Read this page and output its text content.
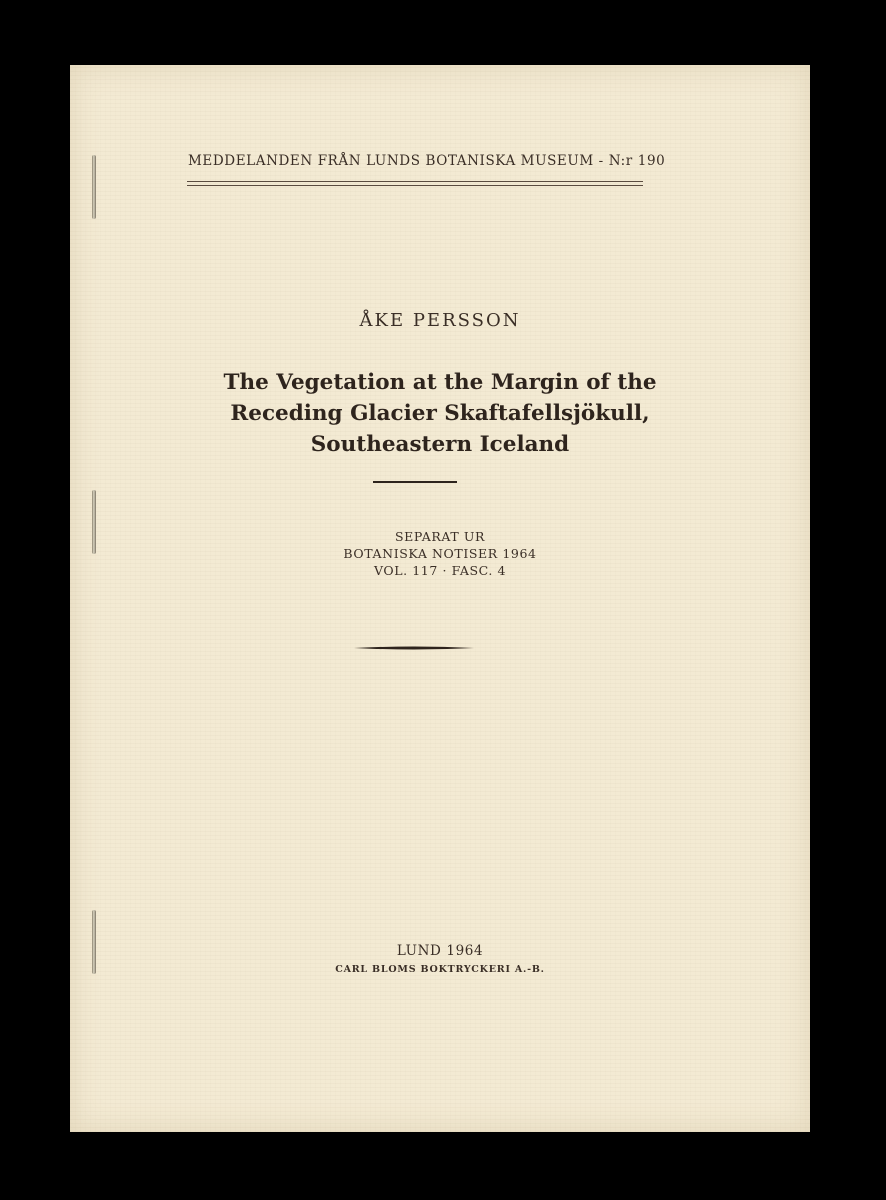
MEDDELANDEN FRÅN LUNDS BOTANISKA MUSEUM - N:r 190
ÅKE PERSSON
The Vegetation at the Margin of the
Receding Glacier Skaftafellsjökull,
Southeastern Iceland
SEPARAT UR
BOTANISKA NOTISER 1964
VOL. 117 · FASC. 4
LUND 1964
CARL BLOMS BOKTRYCKERI A.-B.
